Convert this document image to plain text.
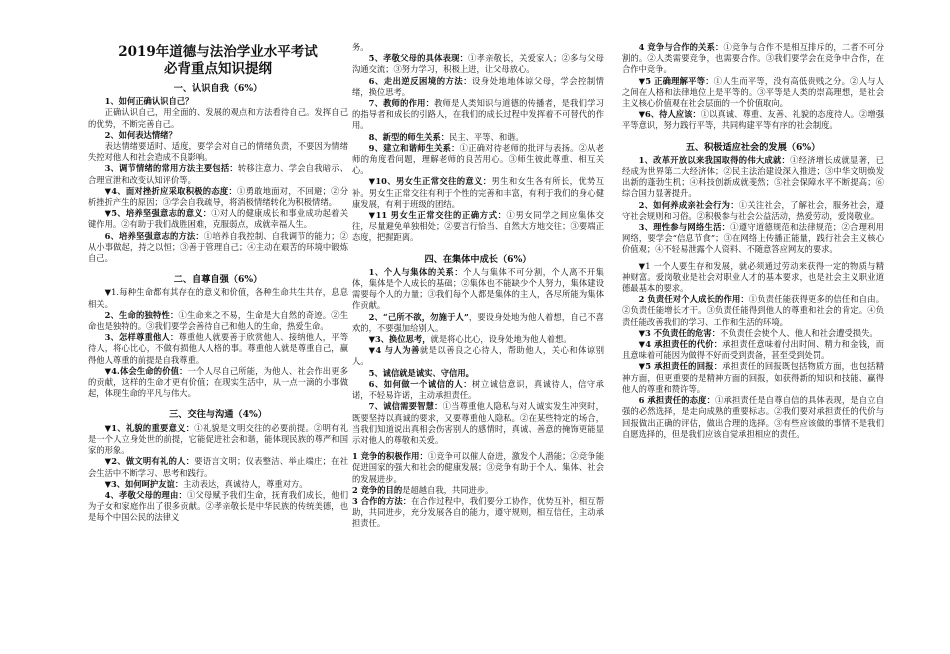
2019年道德与法治学业水平考试
必背重点知识提纲
一、认识自我（6%）

1、如何正确认识自己？

正确认识自己，用全面的、发展的观点和方法看待自己。发挥自己的优势，不断完善自己。

2、如何表达情绪？

表达情绪要适时、适度，要学会对自己的情绪负责，不要因为情绪失控对他人和社会造成不良影响。

3、调节情绪的常用方法主要包括：转移注意力、学会自我暗示、合理宣泄和改变认知评价等。

▼4、面对挫折应采取积极的态度：①勇敢地面对，不回避；②分析挫折产生的原因；③学会自我疏导，将消极情绪转化为积极情绪。

▼5、培养坚强意志的意义：①对人的健康成长和事业成功起着关键作用。②有助于我们战胜困难，克服弱点，成就幸福人生。

6、培养坚强意志的方法：①培养自我控制、自我调节的能力；②从小事做起，持之以恒；③善于管理自己；④主动在艰苦的环境中锻炼自己。

二、自尊自强（6%）

▼1.每种生命都有其存在的意义和价值，各种生命共生共存，息息相关。

2、生命的独特性：①生命来之不易，生命是大自然的奇迹。②生命也是独特的。③我们要学会善待自己和他人的生命，热爱生命。

3、怎样尊重他人：尊重他人就要善于欣赏他人、接纳他人，平等待人，将心比心，不做有损他人人格的事。尊重他人就是尊重自己，赢得他人尊重的前提是自我尊重。

▼4.体会生命的价值：一个人尽自己所能，为他人、社会作出更多的贡献，这样的生命才更有价值；在现实生活中，从一点一滴的小事做起，体现生命的平凡与伟大。

三、交往与沟通（4%）

▼1、礼貌的重要意义：①礼貌是文明交往的必要前提。②明有礼是一个人立身处世的前提，它能促进社会和谐，能体现民族的尊严和国家的形象。

▼2、做文明有礼的人：要语言文明；仪表整洁、举止端庄；在社会生活中不断学习、思考和践行。

▼3、如何呵护友谊：主动表达，真诚待人，尊重对方。

4、孝敬父母的理由：①父母赋予我们生命，抚育我们成长，他们为子女和家庭作出了很多贡献。②孝亲敬长是中华民族的传统美德，也是每个中国公民的法律义

务。

5、孝敬父母的具体表现：①孝亲敬长，关爱家人；②多与父母沟通交流；③努力学习，积极上进，让父母放心。

6、走出逆反困境的方法：设身处地地体谅父母，学会控制情绪，换位思考。

7、教师的作用：教师是人类知识与道德的传播者，是我们学习的指导者和成长的引路人，在我们的成长过程中发挥着不可替代的作用。

8、新型的师生关系：民主、平等、和谐。

9、建立和谐师生关系：①正确对待老师的批评与表扬。②从老师的角度看问题，理解老师的良苦用心。③师生彼此尊重、相互关心。

▼10、男女生正常交往的意义：男生和女生各有所长，优势互补。男女生正常交往有利于个性的完善和丰富，有利于我们的身心健康发展，有利于班级的团结。

▼11 男女生正常交往的正确方式：①男女同学之间应集体交往，尽量避免单独相处；②要言行恰当、自然大方地交往；③要端正态度，把握距离。

四、在集体中成长（6%）

1、个人与集体的关系：个人与集体不可分割，个人离不开集体，集体是个人成长的基础；②集体也不能缺少个人努力，集体建设需要每个人的力量；③我们每个人都是集体的主人，各尽所能为集体作贡献。

2、“己所不欲，勿施于人”，要设身处地为他人着想，自己不喜欢的，不要强加给别人。

▼3、换位思考，就是将心比心，设身处地为他人着想。

▼4 与人为善就是以善良之心待人，帮助他人，关心和体谅别人。

5、诚信就是诚实、守信用。

6、如何做一个诚信的人：树立诚信意识，真诚待人，信守承诺，不轻易许诺，主动承担责任。

7、诚信需要智慧：①当尊重他人隐私与对人诚实发生冲突时，既要坚持以真诚的要求，又要尊重他人隐私。②在某些特定的场合，当我们知道说出真相会伤害别人的感情时，真诚、善意的掩饰更能显示对他人的尊敬和关爱。

1 竞争的积极作用：①竞争可以催人奋进，激发个人潜能；②竞争能促进国家的强大和社会的健康发展；③竞争有助于个人、集体、社会的发展进步。

2 竞争的目的是超越自我，共同进步。

3 合作的方法：在合作过程中，我们要分工协作，优势互补，相互帮助，共同进步，充分发展各自的能力，遵守规则，相互信任，主动承担责任。

4 竞争与合作的关系：①竞争与合作不是相互排斥的，二者不可分割的。②人类需要竞争，也需要合作。③我们要学会在竞争中合作，在合作中竞争。

▼5 正确理解平等：①人生而平等，没有高低贵贱之分。②人与人之间在人格和法律地位上是平等的。③平等是人类的崇高理想，是社会主义核心价值观在社会层面的一个价值取向。

▼6、待人应该：①以真诚、尊重、友善、礼貌的态度待人。②增强平等意识，努力践行平等，共同构建平等有序的社会制度。

五、积极适应社会的发展（6%）

1、改革开放以来我国取得的伟大成就：①经济增长成就显著，已经成为世界第二大经济体；②民主法治建设深入推进；③中华文明焕发出新的蓬勃生机；④科技创新成就斐然；⑤社会保障水平不断提高；⑥综合国力显著提升。

2、如何养成亲社会行为：①关注社会，了解社会，服务社会，遵守社会规则和习俗。②积极参与社会公益活动，热爱劳动，爱岗敬业。

3、理性参与网络生活：①遵守道德规范和法律规范；②合理利用网络，要学会“信息节食”；③在网络上传播正能量，践行社会主义核心价值观；④不轻易泄露个人资料、不随意答应网友的要求。

▼1 一个人要生存和发展，就必须通过劳动来获得一定的物质与精神财富。爱岗敬业是社会对职业人才的基本要求，也是社会主义职业道德最基本的要求。

2 负责任对个人成长的作用：①负责任能获得更多的信任和自由。②负责任能增长才干。③负责任能得到他人的尊重和社会的肯定。④负责任能改善我们的学习、工作和生活的环境。

▼3 不负责任的危害：不负责任会使个人、他人和社会遭受损失。

▼4 承担责任的代价：承担责任意味着付出时间、精力和金钱，而且意味着可能因为做得不好而受到责备，甚至受到处罚。

▼5 承担责任的回报：承担责任的回报既包括物质方面，也包括精神方面，但更重要的是精神方面的回报，如获得新的知识和技能、赢得他人的尊重和赞许等。

6 承担责任的态度：①承担责任是自尊自信的具体表现，是自立自强的必然选择，是走向成熟的重要标志。②我们要对承担责任的代价与回报做出正确的评估，做出合理的选择。③有些应该做的事情不是我们自愿选择的，但是我们应该自觉承担相应的责任。
